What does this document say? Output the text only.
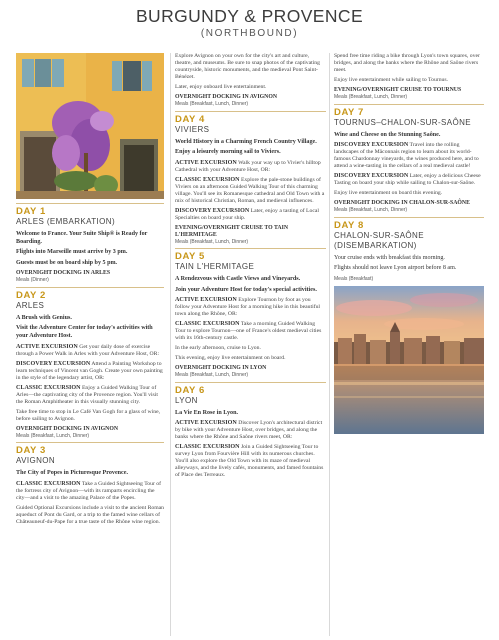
BURGUNDY & PROVENCE
(NORTHBOUND)
DAY 1
ARLES (EMBARKATION)

Welcome to France. Your Suite Ship® is Ready for Boarding.

Flights into Marseille must arrive by 3 pm.

Guests must be on board ship by 5 pm.

OVERNIGHT DOCKING IN ARLES

Meals (Dinner)

DAY 2
ARLES

A Brush with Genius.

Visit the Adventure Center for today's activities with your Adventure Host.

ACTIVE EXCURSION Get your daily dose of exercise through a Power Walk in Arles with your Adventure Host, OR:

DISCOVERY EXCURSION Attend a Painting Workshop to learn techniques of Vincent van Gogh. Create your own painting in the style of the legendary artist, OR:

CLASSIC EXCURSION Enjoy a Guided Walking Tour of Arles—the captivating city of the Provence region. You'll visit the Roman Amphitheater in this visually stunning city.

Take free time to stop in Le Café Van Gogh for a glass of wine, before sailing to Avignon.

OVERNIGHT DOCKING IN AVIGNON

Meals (Breakfast, Lunch, Dinner)

DAY 3
AVIGNON

The City of Popes in Picturesque Provence.

CLASSIC EXCURSION Take a Guided Sightseeing Tour of the fortress city of Avignon—with its ramparts encircling the city—and a visit to the amazing Palace of the Popes.

Guided Optional Excursions include a visit to the ancient Roman aqueduct of Pont du Gard, or a trip to the famed wine cellars of Châteauneuf-du-Pape for a true taste of the Rhône wine region.

Explore Avignon on your own for the city's art and culture, theatre, and museums. Be sure to snap photos of the captivating countryside, historic monuments, and the medieval Pont Saint-Bénézet.

Later, enjoy onboard live entertainment.

OVERNIGHT DOCKING IN AVIGNON

Meals (Breakfast, Lunch, Dinner)

DAY 4
VIVIERS

World History in a Charming French Country Village.

Enjoy a leisurely morning sail to Viviers.

ACTIVE EXCURSION Walk your way up to Vivier's hilltop Cathedral with your Adventure Host, OR:

CLASSIC EXCURSION Explore the pale-stone buildings of Viviers on an afternoon Guided Walking Tour of this charming village. You'll see its Romanesque cathedral and Old Town with a mix of historical Christian, Roman, and medieval influences.

DISCOVERY EXCURSION Later, enjoy a tasting of Local Specialties on board your ship.

EVENING/OVERNIGHT CRUISE TO TAIN L'HERMITAGE

Meals (Breakfast, Lunch, Dinner)

DAY 5
TAIN L'HERMITAGE

A Rendezvous with Castle Views and Vineyards.

Join your Adventure Host for today's special activities.

ACTIVE EXCURSION Explore Tournon by foot as you follow your Adventure Host for a morning hike in this beautiful town along the Rhône, OR:

CLASSIC EXCURSION Take a morning Guided Walking Tour to explore Tournon—one of France's oldest medieval cities with its 16th-century castle.

In the early afternoon, cruise to Lyon.

This evening, enjoy live entertainment on board.

OVERNIGHT DOCKING IN LYON

Meals (Breakfast, Lunch, Dinner)

DAY 6
LYON

La Vie En Rose in Lyon.

ACTIVE EXCURSION Discover Lyon's architectural district by bike with your Adventure Host, over bridges, and along the banks where the Rhône and Saône rivers meet, OR:

CLASSIC EXCURSION Join a Guided Sightseeing Tour to survey Lyon from Fourvière Hill with its numerous churches. You'll also explore the Old Town with its maze of medieval alleyways, and the lively cafés, monuments, and famed fountains of Place des Terreaux.

Spend free time riding a bike through Lyon's town squares, over bridges, and along the banks where the Rhône and Saône rivers meet.

Enjoy live entertainment while sailing to Tournus.

EVENING/OVERNIGHT CRUISE TO TOURNUS

Meals (Breakfast, Lunch, Dinner)

DAY 7
TOURNUS–CHALON-SUR-SAÔNE

Wine and Cheese on the Stunning Saône.

DISCOVERY EXCURSION Travel into the rolling landscapes of the Mâconnais region to learn about its world-famous Chardonnay vineyards, the wines produced here, and to attend a wine-tasting in the cellars of a real medieval castle!

DISCOVERY EXCURSION Later, enjoy a delicious Cheese Tasting on board your ship while sailing to Chalon-sur-Saône.

Enjoy live entertainment on board this evening.

OVERNIGHT DOCKING IN CHALON-SUR-SAÔNE

Meals (Breakfast, Lunch, Dinner)

DAY 8
CHALON-SUR-SAÔNE
(DISEMBARKATION)

Your cruise ends with breakfast this morning.

Flights should not leave Lyon airport before 8 am.

Meals (Breakfast)
